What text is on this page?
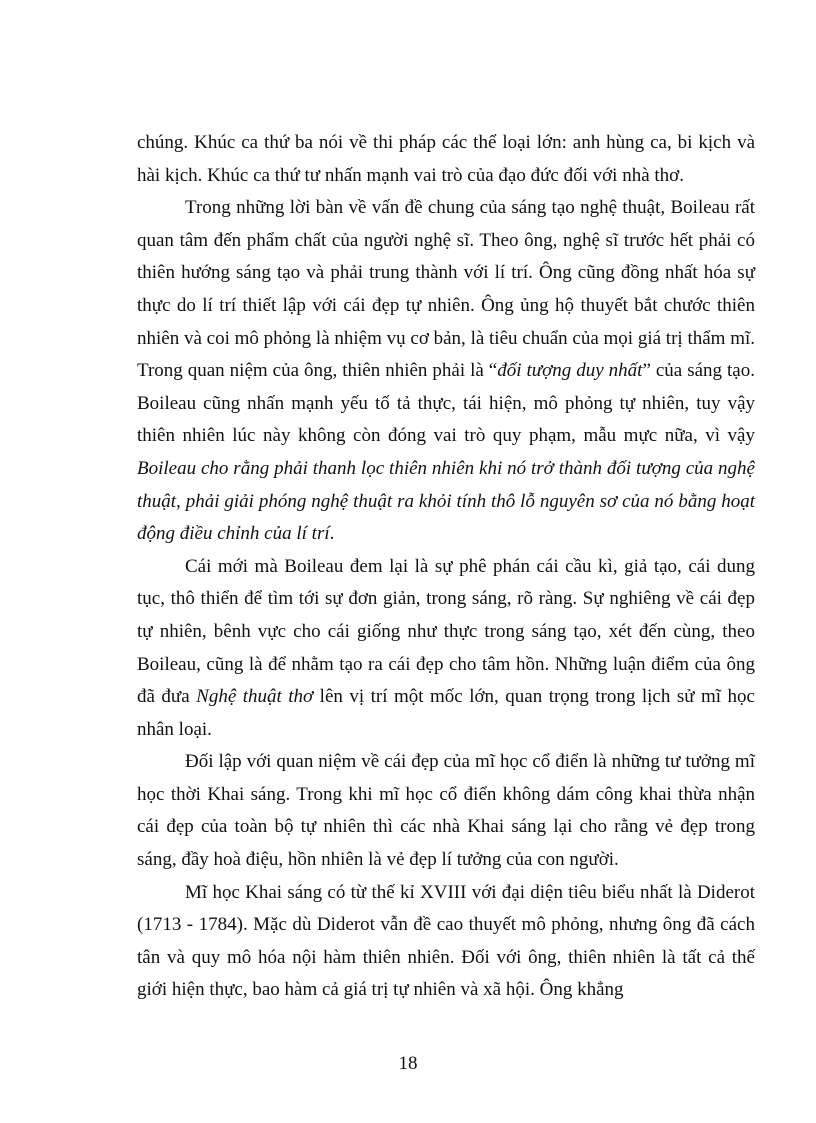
chúng. Khúc ca thứ ba nói về thi pháp các thể loại lớn: anh hùng ca, bi kịch và hài kịch. Khúc ca thứ tư nhấn mạnh vai trò của đạo đức đối với nhà thơ.

Trong những lời bàn về vấn đề chung của sáng tạo nghệ thuật, Boileau rất quan tâm đến phẩm chất của người nghệ sĩ. Theo ông, nghệ sĩ trước hết phải có thiên hướng sáng tạo và phải trung thành với lí trí. Ông cũng đồng nhất hóa sự thực do lí trí thiết lập với cái đẹp tự nhiên. Ông ủng hộ thuyết bắt chước thiên nhiên và coi mô phỏng là nhiệm vụ cơ bản, là tiêu chuẩn của mọi giá trị thẩm mĩ. Trong quan niệm của ông, thiên nhiên phải là “đối tượng duy nhất” của sáng tạo. Boileau cũng nhấn mạnh yếu tố tả thực, tái hiện, mô phỏng tự nhiên, tuy vậy thiên nhiên lúc này không còn đóng vai trò quy phạm, mẫu mực nữa, vì vậy Boileau cho rằng phải thanh lọc thiên nhiên khi nó trở thành đối tượng của nghệ thuật, phải giải phóng nghệ thuật ra khỏi tính thô lỗ nguyên sơ của nó bằng hoạt động điều chỉnh của lí trí.

Cái mới mà Boileau đem lại là sự phê phán cái cầu kì, giả tạo, cái dung tục, thô thiển để tìm tới sự đơn giản, trong sáng, rõ ràng. Sự nghiêng về cái đẹp tự nhiên, bênh vực cho cái giống như thực trong sáng tạo, xét đến cùng, theo Boileau, cũng là để nhằm tạo ra cái đẹp cho tâm hồn. Những luận điểm của ông đã đưa Nghệ thuật thơ lên vị trí một mốc lớn, quan trọng trong lịch sử mĩ học nhân loại.

Đối lập với quan niệm về cái đẹp của mĩ học cổ điển là những tư tưởng mĩ học thời Khai sáng. Trong khi mĩ học cổ điển không dám công khai thừa nhận cái đẹp của toàn bộ tự nhiên thì các nhà Khai sáng lại cho rằng vẻ đẹp trong sáng, đầy hoà điệu, hồn nhiên là vẻ đẹp lí tưởng của con người.

Mĩ học Khai sáng có từ thế kỉ XVIII với đại diện tiêu biểu nhất là Diderot (1713 - 1784). Mặc dù Diderot vẫn đề cao thuyết mô phỏng, nhưng ông đã cách tân và quy mô hóa nội hàm thiên nhiên. Đối với ông, thiên nhiên là tất cả thế giới hiện thực, bao hàm cả giá trị tự nhiên và xã hội. Ông khẳng

18
